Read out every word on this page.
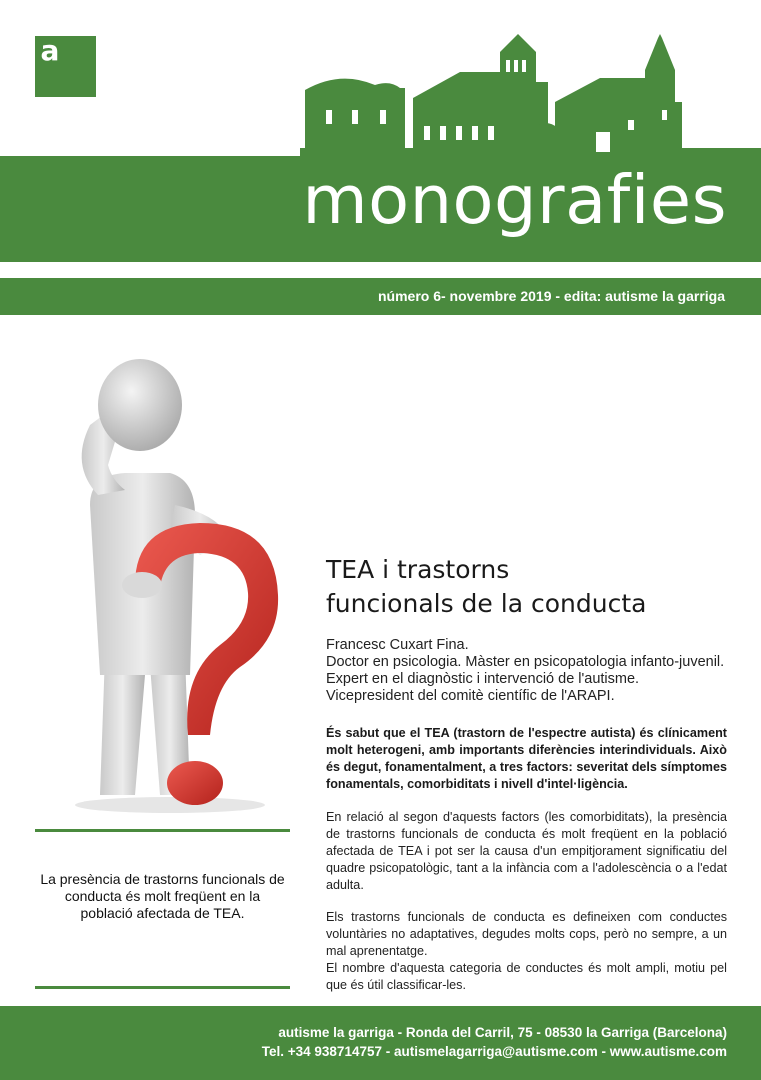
a
monografies
número 6- novembre 2019 - edita: autisme la garriga
TEA i trastorns
funcionals de la conducta
Francesc Cuxart Fina.
Doctor en psicologia. Màster en psicopatologia infanto-juvenil.
Expert en el diagnòstic i intervenció de l'autisme.
Vicepresident del comitè científic de l'ARAPI.
És sabut que el TEA (trastorn de l'espectre autista) és clínicament molt heterogeni, amb importants diferències interindividuals. Això és degut, fonamentalment, a tres factors: severitat dels símptomes fonamentals, comorbiditats i nivell d'intel·ligència.
En relació al segon d'aquests factors (les comorbiditats), la presència de trastorns funcionals de conducta és molt freqüent en la població afectada de TEA i pot ser la causa d'un empitjorament significatiu del quadre psicopatològic, tant a la infància com a l'adolescència o a l'edat adulta.
Els trastorns funcionals de conducta es defineixen com conductes voluntàries no adaptatives, degudes molts cops, però no sempre, a un mal aprenentatge.
El nombre d'aquesta categoria de conductes és molt ampli, motiu pel que és útil classificar-les.
La presència de trastorns funcionals de conducta és molt freqüent en la població afectada de TEA.
autisme la garriga - Ronda del Carril, 75 - 08530 la Garriga (Barcelona)
Tel. +34 938714757 - autismelagarriga@autisme.com - www.autisme.com
